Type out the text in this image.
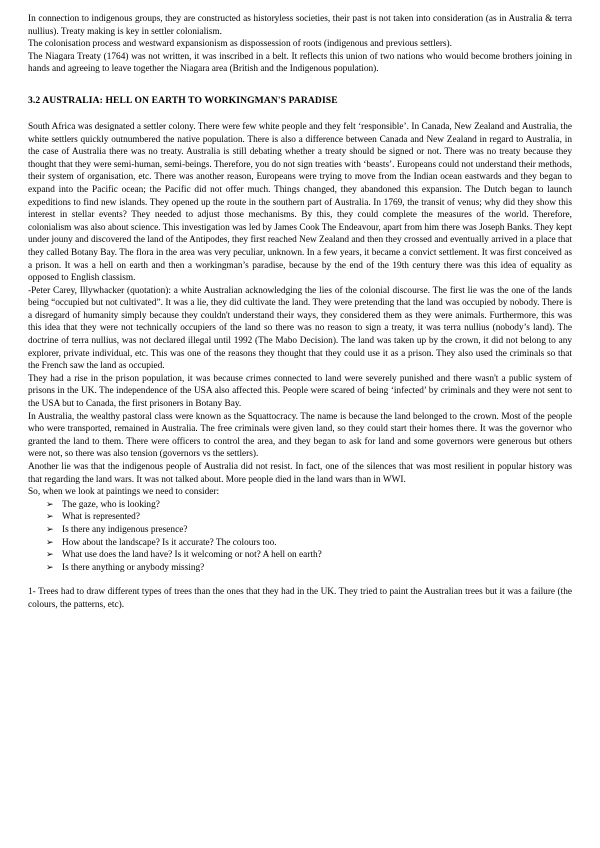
In connection to indigenous groups, they are constructed as historyless societies, their past is not taken into consideration (as in Australia & terra nullius). Treaty making is key in settler colonialism.

The colonisation process and westward expansionism as dispossession of roots (indigenous and previous settlers).

The Niagara Treaty (1764) was not written, it was inscribed in a belt. It reflects this union of two nations who would become brothers joining in hands and agreeing to leave together the Niagara area (British and the Indigenous population).

3.2 AUSTRALIA: HELL ON EARTH TO WORKINGMAN'S PARADISE

South Africa was designated a settler colony. There were few white people and they felt ‘responsible’. In Canada, New Zealand and Australia, the white settlers quickly outnumbered the native population. There is also a difference between Canada and New Zealand in regard to Australia, in the case of Australia there was no treaty. Australia is still debating whether a treaty should be signed or not. There was no treaty because they thought that they were semi-human, semi-beings. Therefore, you do not sign treaties with ‘beasts’. Europeans could not understand their methods, their system of organisation, etc. There was another reason, Europeans were trying to move from the Indian ocean eastwards and they began to expand into the Pacific ocean; the Pacific did not offer much. Things changed, they abandoned this expansion. The Dutch began to launch expeditions to find new islands. They opened up the route in the southern part of Australia. In 1769, the transit of venus; why did they show this interest in stellar events? They needed to adjust those mechanisms. By this, they could complete the measures of the world. Therefore, colonialism was also about science. This investigation was led by James Cook The Endeavour, apart from him there was Joseph Banks. They kept under jouny and discovered the land of the Antipodes, they first reached New Zealand and then they crossed and eventually arrived in a place that they called Botany Bay. The flora in the area was very peculiar, unknown. In a few years, it became a convict settlement. It was first conceived as a prison. It was a hell on earth and then a workingman’s paradise, because by the end of the 19th century there was this idea of equality as opposed to English classism.

-Peter Carey, Illywhacker (quotation): a white Australian acknowledging the lies of the colonial discourse. The first lie was the one of the lands being “occupied but not cultivated”. It was a lie, they did cultivate the land. They were pretending that the land was occupied by nobody. There is a disregard of humanity simply because they couldn't understand their ways, they considered them as they were animals. Furthermore, this was this idea that they were not technically occupiers of the land so there was no reason to sign a treaty, it was terra nullius (nobody’s land). The doctrine of terra nullius, was not declared illegal until 1992 (The Mabo Decision). The land was taken up by the crown, it did not belong to any explorer, private individual, etc. This was one of the reasons they thought that they could use it as a prison. They also used the criminals so that the French saw the land as occupied.

They had a rise in the prison population, it was because crimes connected to land were severely punished and there wasn't a public system of prisons in the UK. The independence of the USA also affected this. People were scared of being ‘infected’ by criminals and they were not sent to the USA but to Canada, the first prisoners in Botany Bay.

In Australia, the wealthy pastoral class were known as the Squattocracy. The name is because the land belonged to the crown. Most of the people who were transported, remained in Australia. The free criminals were given land, so they could start their homes there. It was the governor who granted the land to them. There were officers to control the area, and they began to ask for land and some governors were generous but others were not, so there was also tension (governors vs the settlers).

Another lie was that the indigenous people of Australia did not resist. In fact, one of the silences that was most resilient in popular history was that regarding the land wars. It was not talked about. More people died in the land wars than in WWI.

So, when we look at paintings we need to consider:

➢ The gaze, who is looking?
➢ What is represented?
➢ Is there any indigenous presence?
➢ How about the landscape? Is it accurate? The colours too.
➢ What use does the land have? Is it welcoming or not? A hell on earth?
➢ Is there anything or anybody missing?

1- Trees had to draw different types of trees than the ones that they had in the UK. They tried to paint the Australian trees but it was a failure (the colours, the patterns, etc).
